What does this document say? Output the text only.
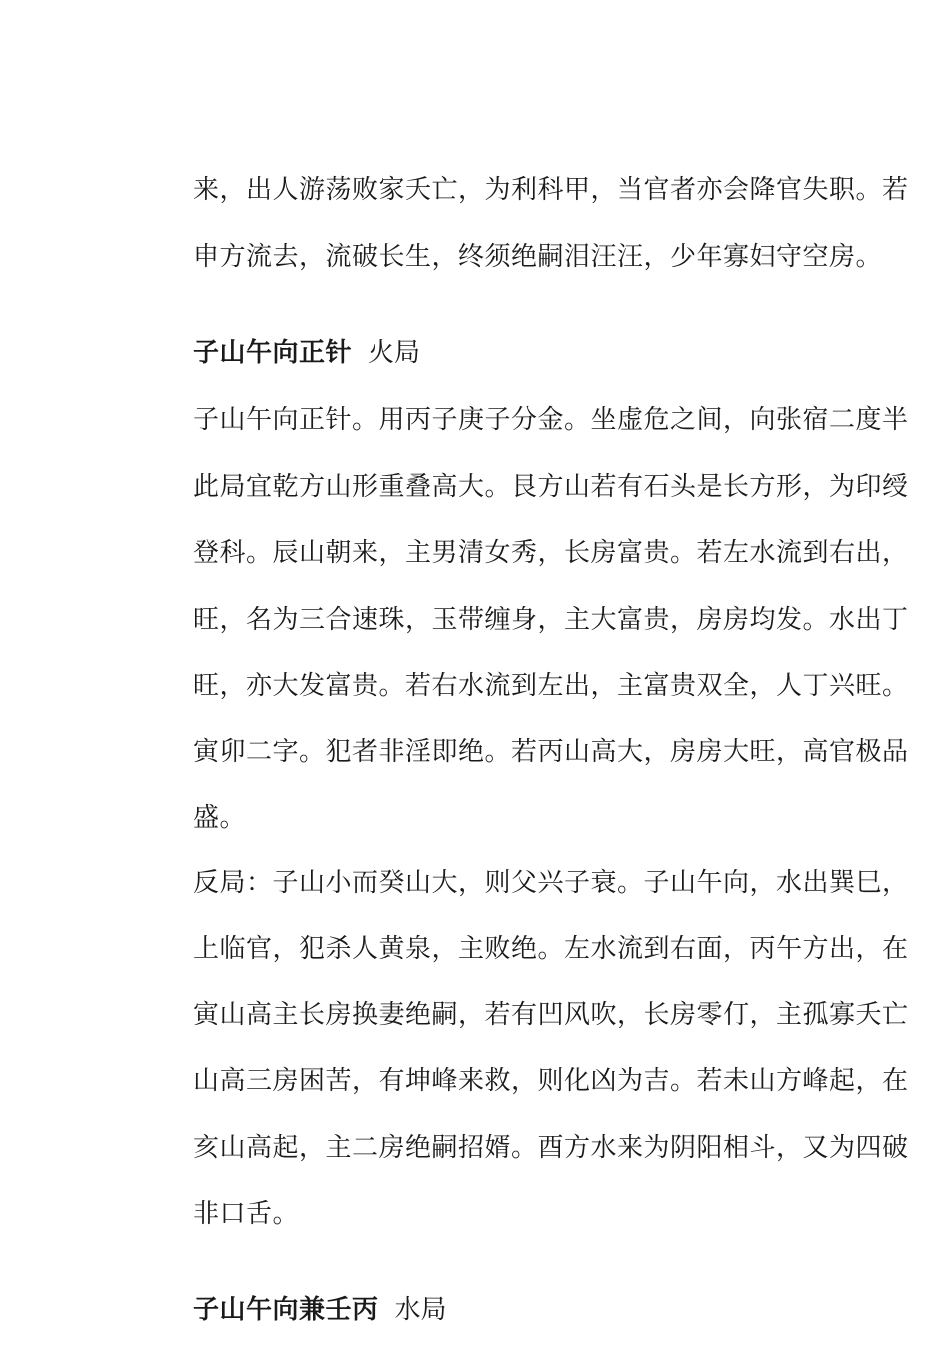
来，出人游荡败家夭亡，为利科甲，当官者亦会降官失职。若
申方流去，流破长生，终须绝嗣泪汪汪，少年寡妇守空房。
子山午向正针 火局
子山午向正针。用丙子庚子分金。坐虚危之间，向张宿二度半
此局宜乾方山形重叠高大。艮方山若有石头是长方形，为印绶
登科。辰山朝来，主男清女秀，长房富贵。若左水流到右出，
旺，名为三合速珠，玉带缠身，主大富贵，房房均发。水出丁
旺，亦大发富贵。若右水流到左出，主富贵双全，人丁兴旺。
寅卯二字。犯者非淫即绝。若丙山高大，房房大旺，高官极品
盛。
反局：子山小而癸山大，则父兴子衰。子山午向，水出巽巳，
上临官，犯杀人黄泉，主败绝。左水流到右面，丙午方出，在
寅山高主长房换妻绝嗣，若有凹风吹，长房零仃，主孤寡夭亡
山高三房困苦，有坤峰来救，则化凶为吉。若未山方峰起，在
亥山高起，主二房绝嗣招婿。酉方水来为阴阳相斗，又为四破
非口舌。
子山午向兼壬丙 水局
